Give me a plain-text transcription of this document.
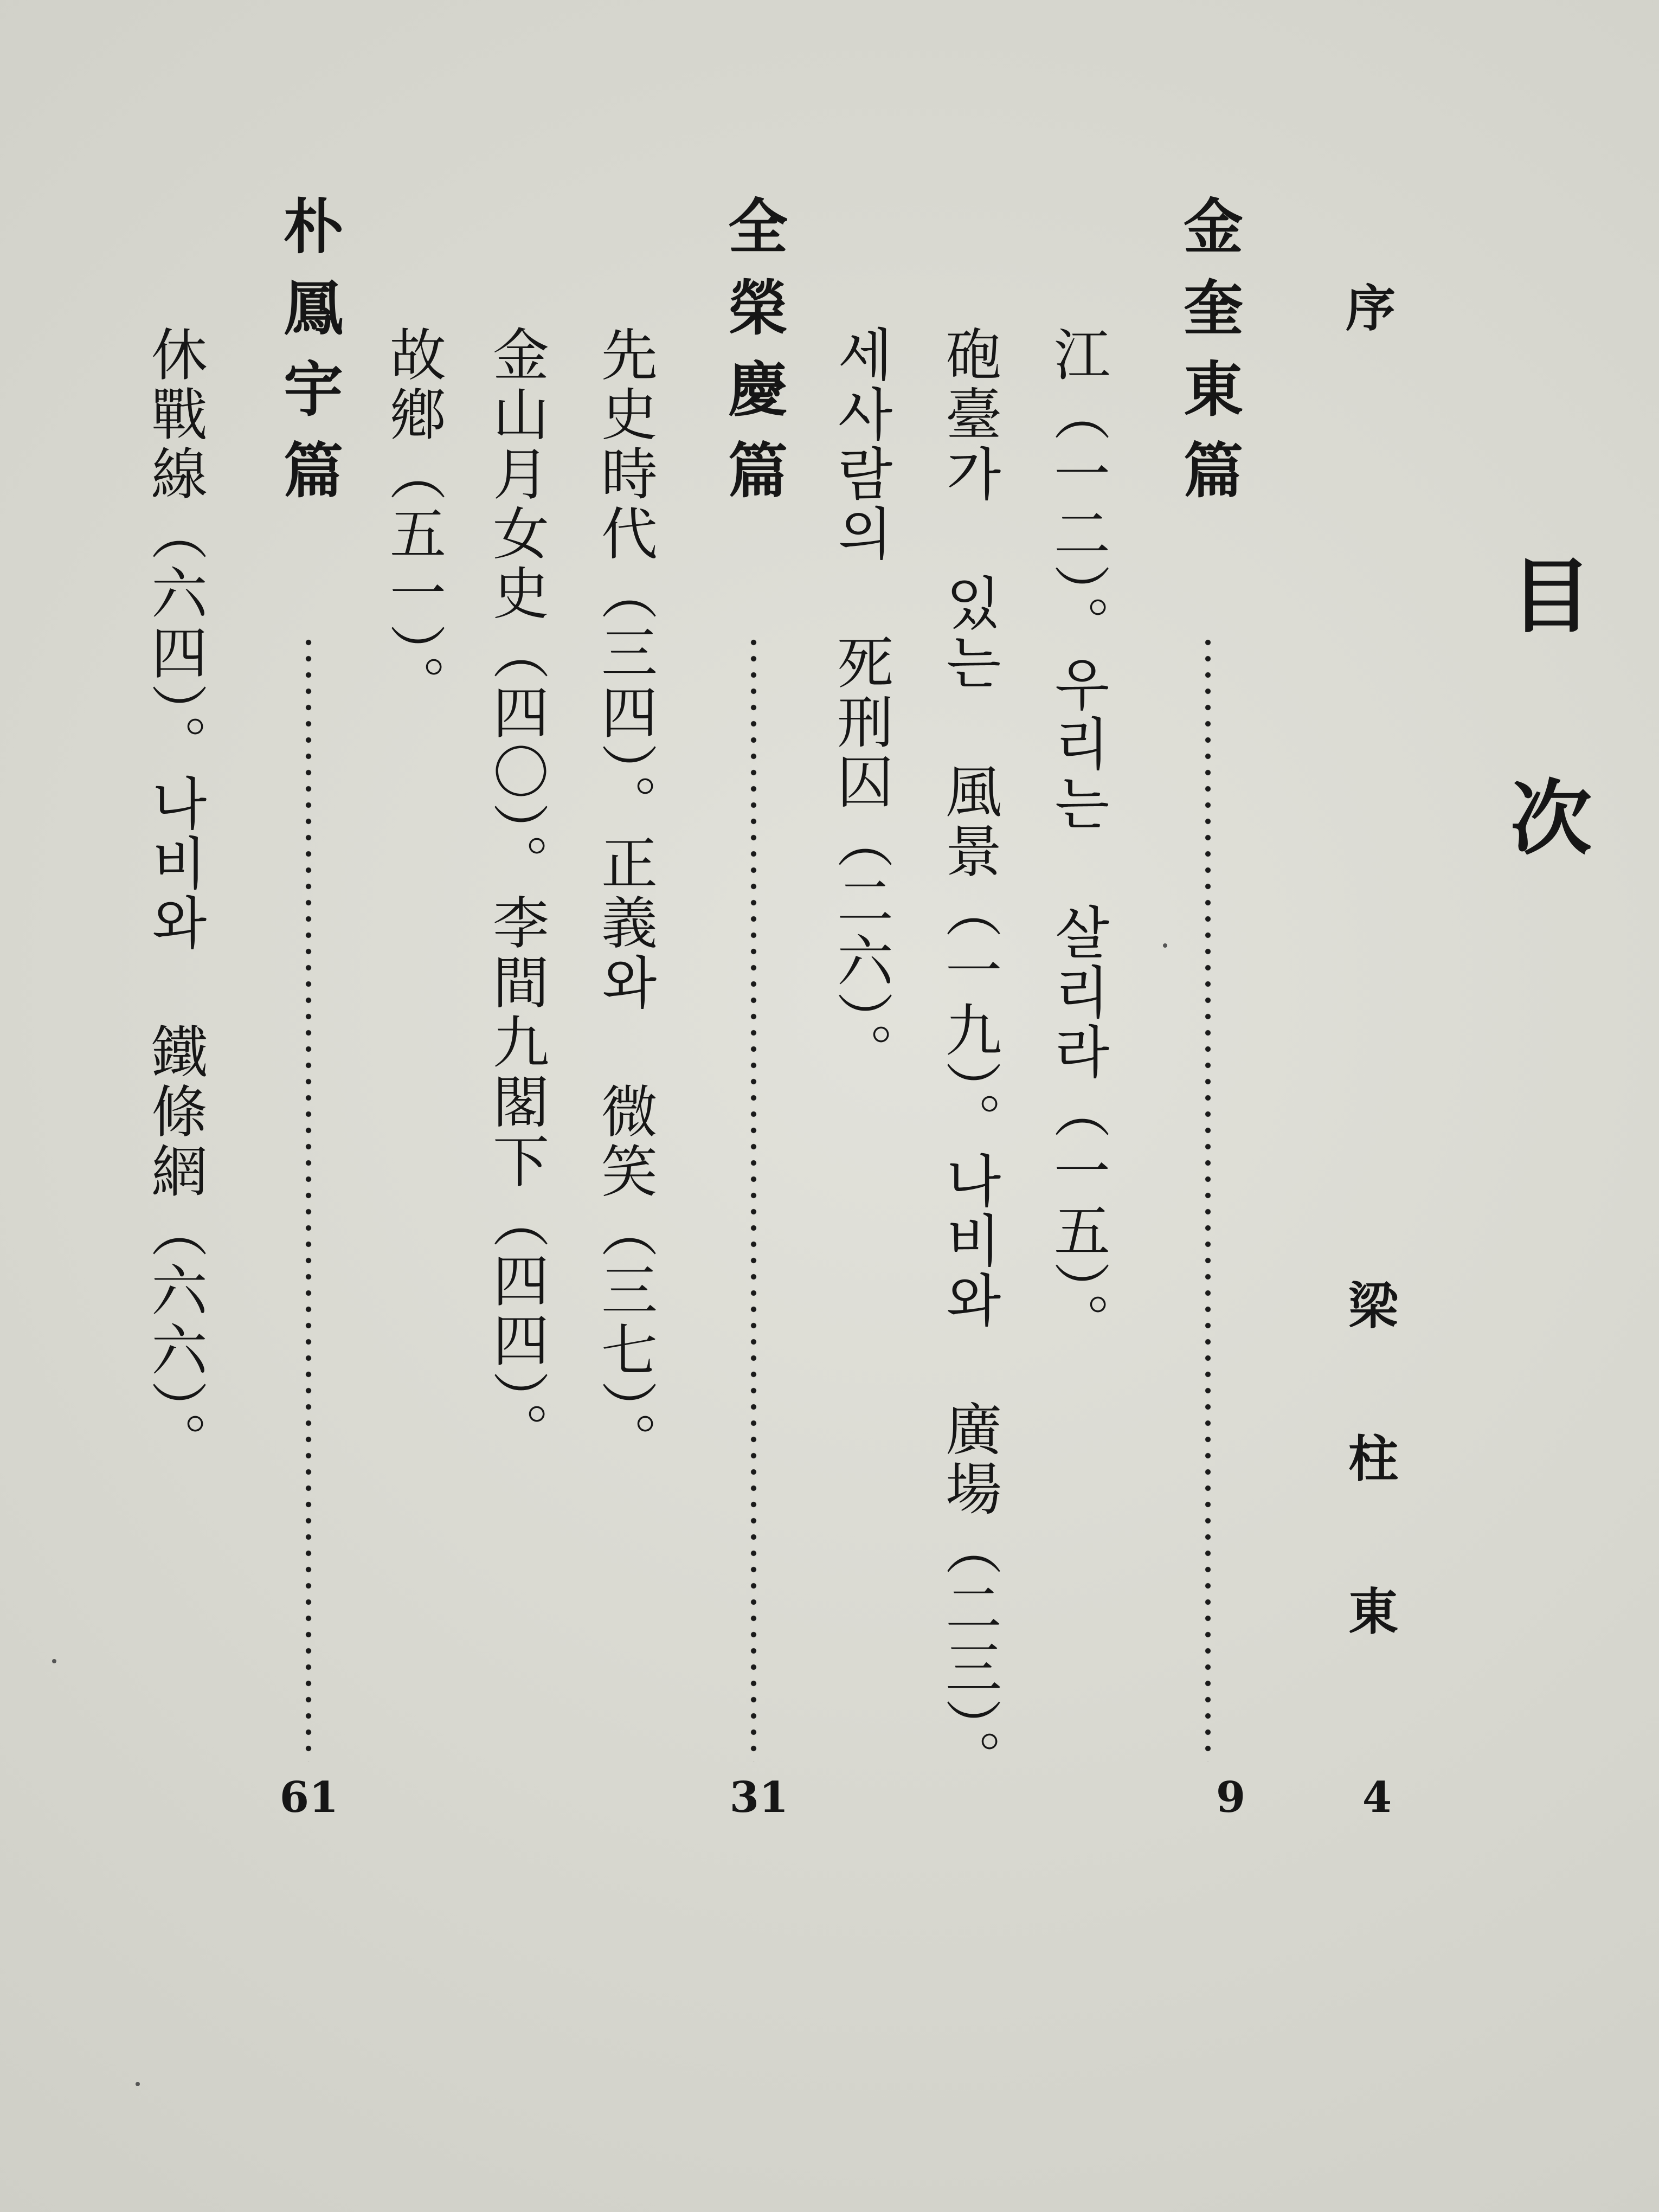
目次
序
梁柱東
4
金奎東篇
9
江（一二）。우리는 살리라（一五）。
砲臺가 있는 風景（一九）。나비와 廣場（二三）。
세사람의 死刑囚（二六）。
全榮慶篇
31
先史時代（三四）。正義와 微笑（三七）。
金山月女史（四〇）。李間九閣下（四四）。
故鄕（五一）。
朴鳳宇篇
61
休戰線（六四）。나비와 鐵條網（六六）。
